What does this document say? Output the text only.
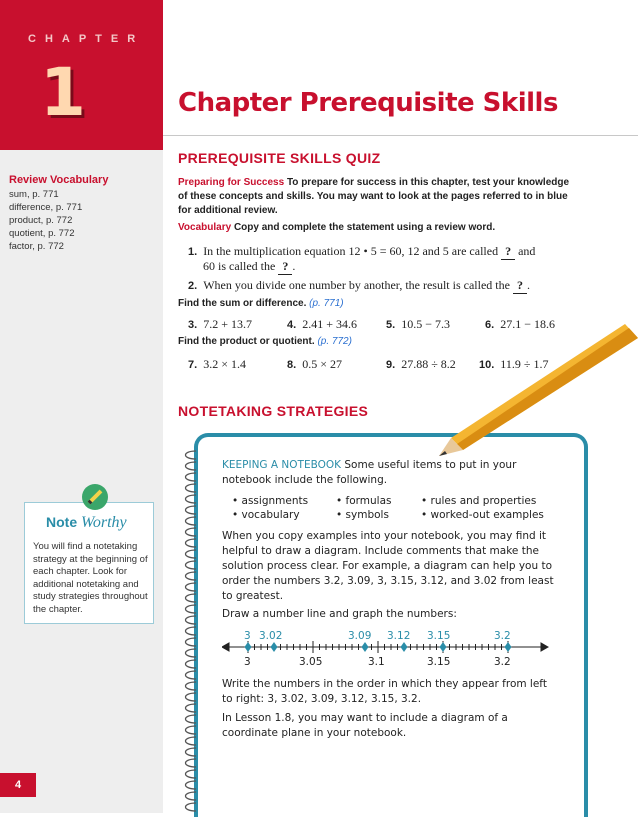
CHAPTER
1
Review Vocabulary
sum, p. 771
difference, p. 771
product, p. 772
quotient, p. 772
factor, p. 772
Chapter Prerequisite Skills
PREREQUISITE SKILLS QUIZ
Preparing for Success To prepare for success in this chapter, test your knowledge of these concepts and skills. You may want to look at the pages referred to in blue for additional review.
Vocabulary Copy and complete the statement using a review word.
1. In the multiplication equation 12 • 5 = 60, 12 and 5 are called ? and
60 is called the ? .
2. When you divide one number by another, the result is called the ? .
Find the sum or difference. (p. 771)
3. 7.2 + 13.7	4. 2.41 + 34.6	5. 10.5 − 7.3	6. 27.1 − 18.6
Find the product or quotient. (p. 772)
7. 3.2 × 1.4	8. 0.5 × 27	9. 27.88 ÷ 8.2 10. 11.9 ÷ 1.7
NOTETAKING STRATEGIES
KEEPING A NOTEBOOK Some useful items to put in your
notebook include the following.
• assignments
• vocabulary
• formulas
• symbols
• rules and properties
• worked-out examples
When you copy examples into your notebook, you may find it
helpful to draw a diagram. Include comments that make the
solution process clear. For example, a diagram can help you to
order the numbers 3.2, 3.09, 3, 3.15, 3.12, and 3.02 from least
to greatest.
Draw a number line and graph the numbers:
3 3.02	3.09 3.12 3.15	3.2
3	3.05	3.1	3.15	3.2
Write the numbers in the order in which they appear from left
to right: 3, 3.02, 3.09, 3.12, 3.15, 3.2.
In Lesson 1.8, you may want to include a diagram of a
coordinate plane in your notebook.
Note Worthy
You will find a notetaking strategy at the beginning of each chapter. Look for additional notetaking and study strategies throughout the chapter.
4
